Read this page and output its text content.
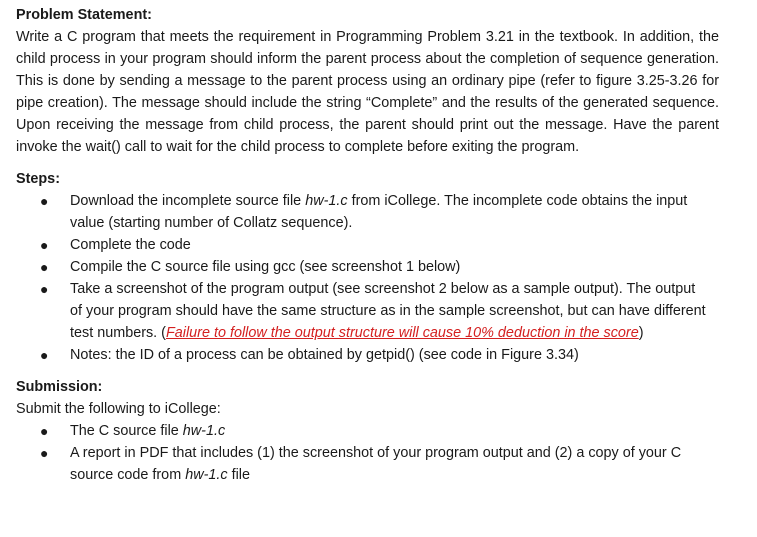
Problem Statement:

Write a C program that meets the requirement in Programming Problem 3.21 in the textbook. In addition, the child process in your program should inform the parent process about the completion of sequence generation. This is done by sending a message to the parent process using an ordinary pipe (refer to figure 3.25-3.26 for pipe creation). The message should include the string “Complete” and the results of the generated sequence. Upon receiving the message from child process, the parent should print out the message. Have the parent invoke the wait() call to wait for the child process to complete before exiting the program.

Steps:

● Download the incomplete source file hw-1.c from iCollege. The incomplete code obtains the input value (starting number of Collatz sequence).
● Complete the code
● Compile the C source file using gcc (see screenshot 1 below)
● Take a screenshot of the program output (see screenshot 2 below as a sample output). The output of your program should have the same structure as in the sample screenshot, but can have different test numbers. (Failure to follow the output structure will cause 10% deduction in the score)
● Notes: the ID of a process can be obtained by getpid() (see code in Figure 3.34)

Submission:

Submit the following to iCollege:

● The C source file hw-1.c
● A report in PDF that includes (1) the screenshot of your program output and (2) a copy of your C source code from hw-1.c file
